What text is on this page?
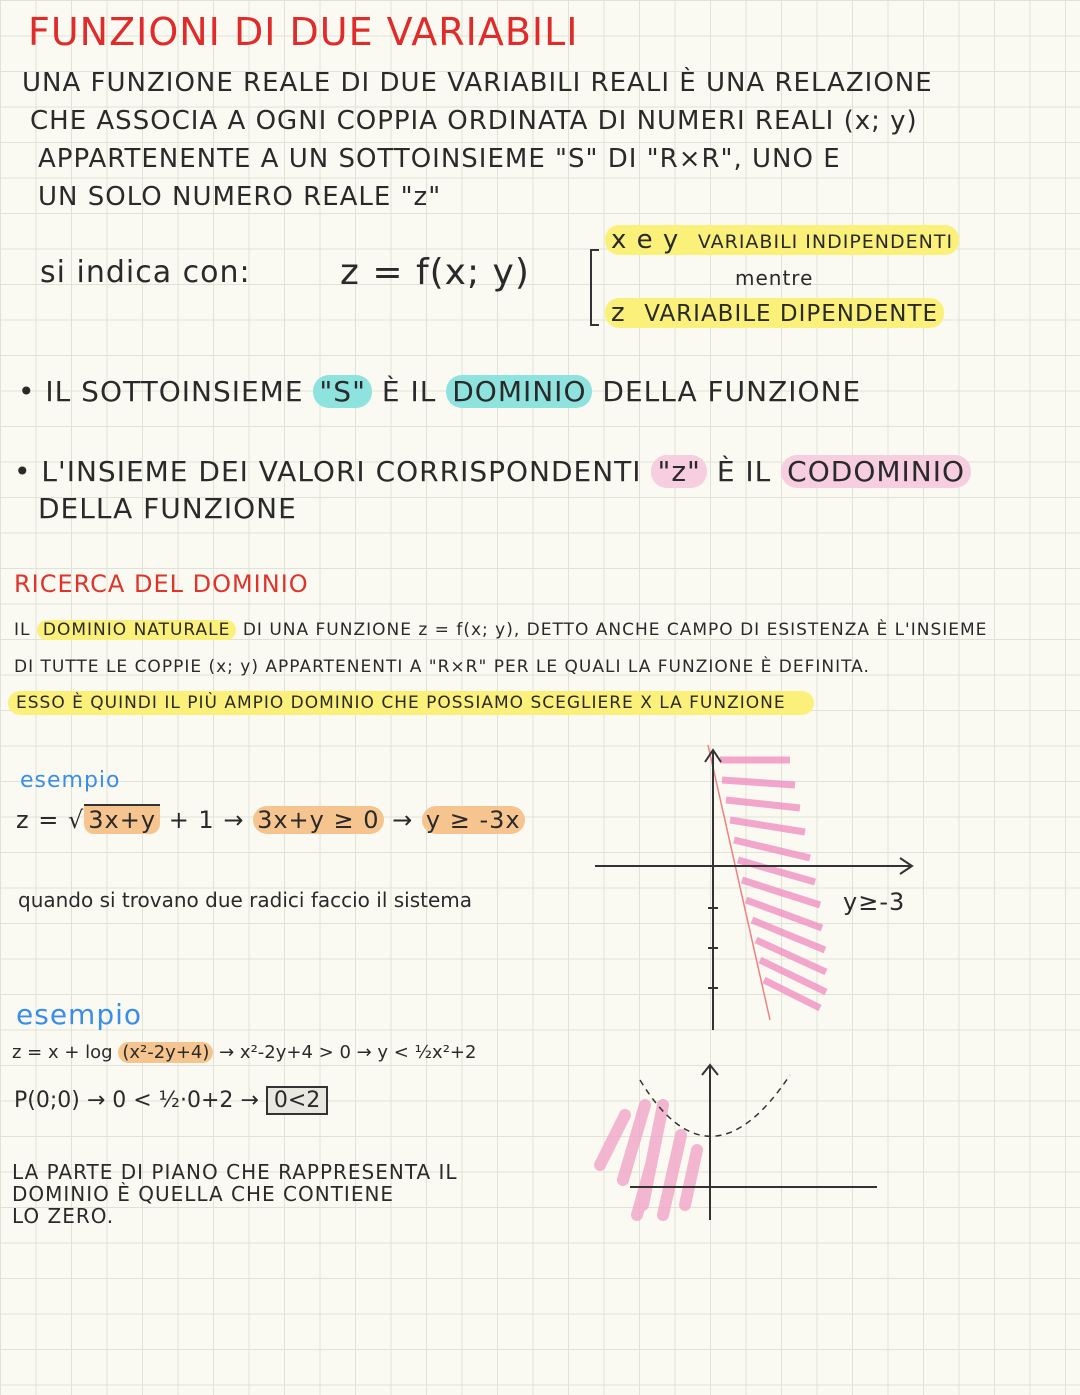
FUNZIONI DI DUE VARIABILI
UNA FUNZIONE REALE DI DUE VARIABILI REALI È UNA RELAZIONE
CHE ASSOCIA A OGNI COPPIA ORDINATA DI NUMERI REALI (x; y)
APPARTENENTE A UN SOTTOINSIEME "S" DI "R×R", UNO E
UN SOLO NUMERO REALE "z"
si indica con: z = f(x; y)
x e y VARIABILI INDIPENDENTI
mentre
z VARIABILE DIPENDENTE
• IL SOTTOINSIEME "S" È IL DOMINIO DELLA FUNZIONE
• L'INSIEME DEI VALORI CORRISPONDENTI "z" È IL CODOMINIO
DELLA FUNZIONE
RICERCA DEL DOMINIO
IL DOMINIO NATURALE DI UNA FUNZIONE z = f(x; y), DETTO ANCHE CAMPO DI ESISTENZA È L'INSIEME
DI TUTTE LE COPPIE (x; y) APPARTENENTI A "R×R" PER LE QUALI LA FUNZIONE È DEFINITA.
ESSO È QUINDI IL PIÙ AMPIO DOMINIO CHE POSSIAMO SCEGLIERE X LA FUNZIONE
esempio
z = √ 3x+y + 1 → 3x+y ≥ 0 → y ≥ -3x
quando si trovano due radici faccio il sistema	y≥-3
esempio
z = x + log (x²-2y+4) → x²-2y+4 > 0 → y < ½x²+2
P(0;0) → 0 < ½·0+2 → 0<2
LA PARTE DI PIANO CHE RAPPRESENTA IL
DOMINIO È QUELLA CHE CONTIENE
LO ZERO.
